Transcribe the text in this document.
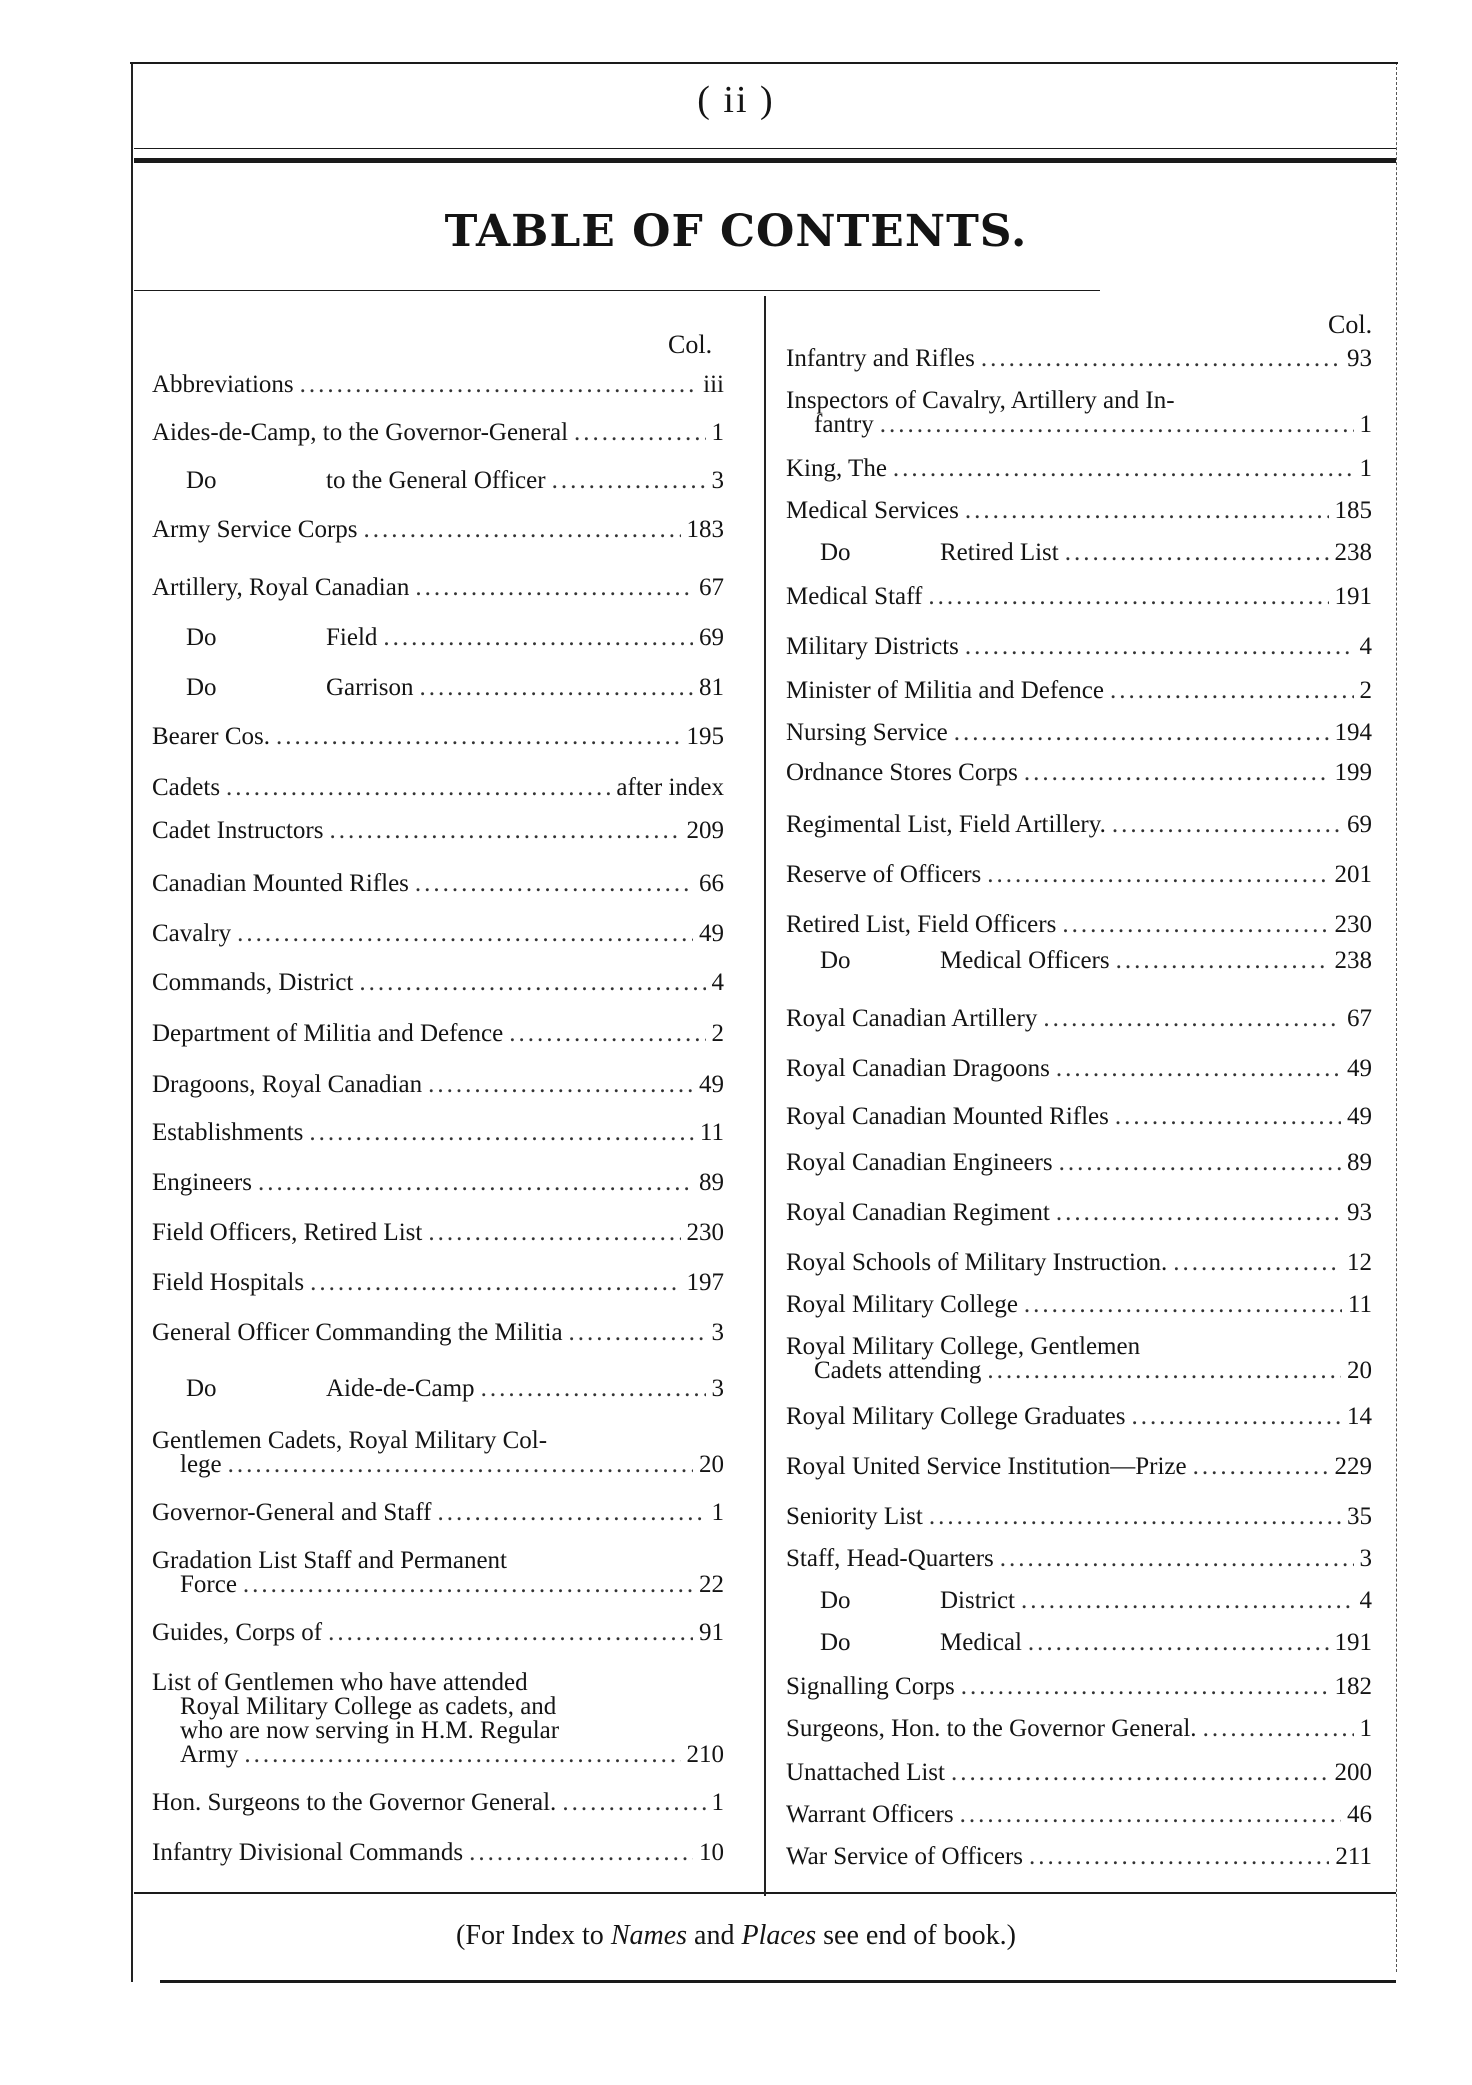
( ii )
TABLE OF CONTENTS.
Col.
Col.
Abbreviations .....	iii
Aides-de-Camp, to the Governor-General .....	1
Do	to the General Officer .....	3
Army Service Corps .....	183
Artillery, Royal Canadian .....	67
Do	Field .....	69
Do	Garrison .....	81
Bearer Cos. .....	195
Cadets .....	after index
Cadet Instructors .....	209
Canadian Mounted Rifles .....	66
Cavalry .....	49
Commands, District .....	4
Department of Militia and Defence .....	2
Dragoons, Royal Canadian .....	49
Establishments .....	11
Engineers .....	89
Field Officers, Retired List .....	230
Field Hospitals .....	197
General Officer Commanding the Militia .....	3
Do	Aide-de-Camp .....	3
Gentlemen Cadets, Royal Military Col-
lege .....	20
Governor-General and Staff .....	1
Gradation List Staff and Permanent
Force .....	22
Guides, Corps of .....	91
List of Gentlemen who have attended
Royal Military College as cadets, and
who are now serving in H.M. Regular
Army .....	210
Hon. Surgeons to the Governor General. .....	1
Infantry Divisional Commands .....	10
Infantry and Rifles .....	93
Inspectors of Cavalry, Artillery and In-
fantry .....	1
King, The .....	1
Medical Services .....	185
Do	Retired List .....	238
Medical Staff .....	191
Military Districts .....	4
Minister of Militia and Defence .....	2
Nursing Service .....	194
Ordnance Stores Corps .....	199
Regimental List, Field Artillery. .....	69
Reserve of Officers .....	201
Retired List, Field Officers .....	230
Do	Medical Officers .....	238
Royal Canadian Artillery .....	67
Royal Canadian Dragoons .....	49
Royal Canadian Mounted Rifles .....	49
Royal Canadian Engineers .....	89
Royal Canadian Regiment .....	93
Royal Schools of Military Instruction. .....	12
Royal Military College .....	11
Royal Military College, Gentlemen
Cadets attending .....	20
Royal Military College Graduates .....	14
Royal United Service Institution—Prize .....	229
Seniority List .....	35
Staff, Head-Quarters .....	3
Do	District .....	4
Do	Medical .....	191
Signalling Corps .....	182
Surgeons, Hon. to the Governor General. .....	1
Unattached List .....	200
Warrant Officers .....	46
War Service of Officers .....	211
(For Index to Names and Places see end of book.)
